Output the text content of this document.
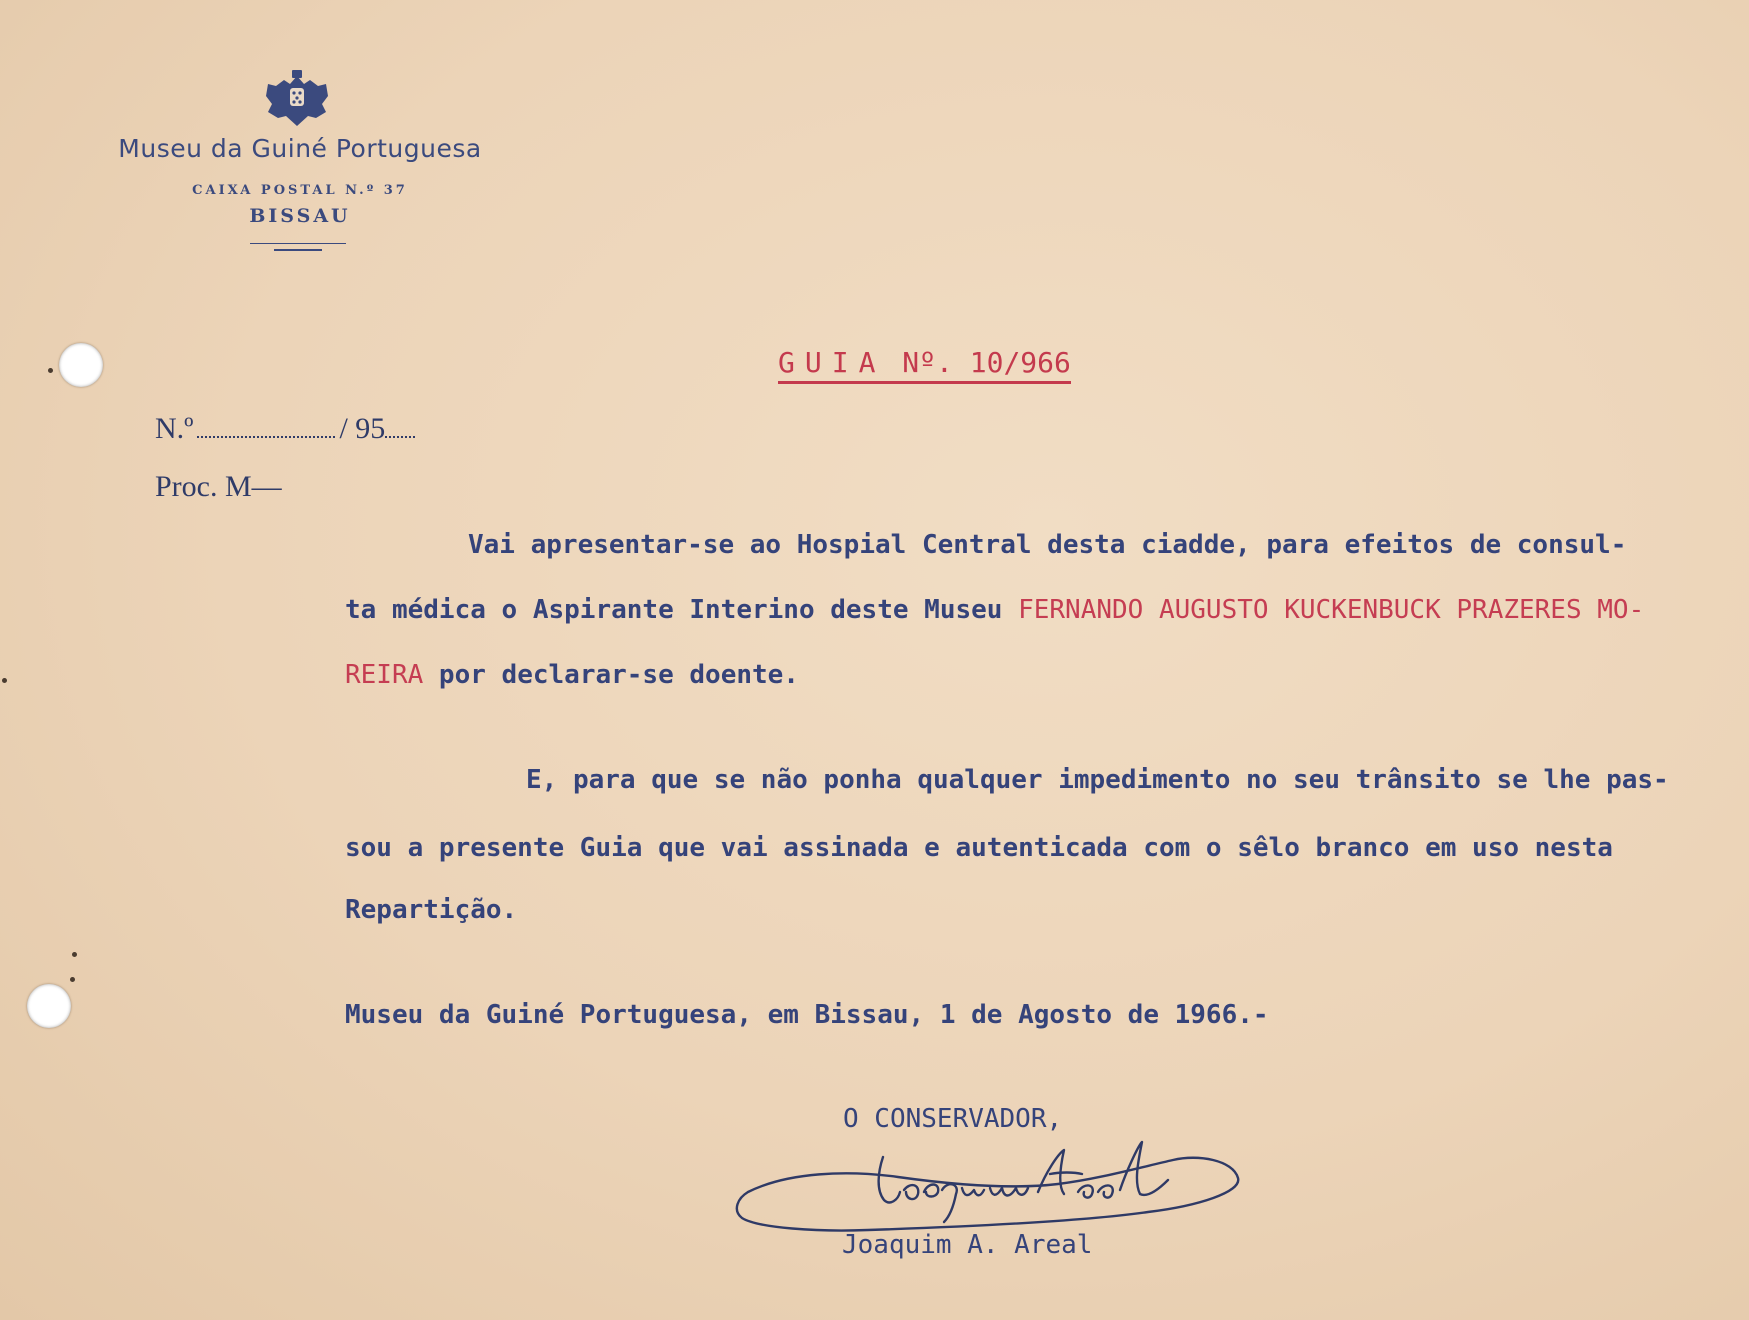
Museu da Guiné Portuguesa
CAIXA POSTAL N.º 37
BISSAU
GUIA Nº. 10/966
N.º	/ 95
Proc. M—
Vai apresentar-se ao Hospial Central desta ciadde, para efeitos de consul-
ta médica o Aspirante Interino deste Museu FERNANDO AUGUSTO KUCKENBUCK PRAZERES MO-
REIRA por declarar-se doente.
E, para que se não ponha qualquer impedimento no seu trânsito se lhe pas-
sou a presente Guia que vai assinada e autenticada com o sêlo branco em uso nesta
Repartição.
Museu da Guiné Portuguesa, em Bissau, 1 de Agosto de 1966.-
O CONSERVADOR,
Joaquim A. Areal
